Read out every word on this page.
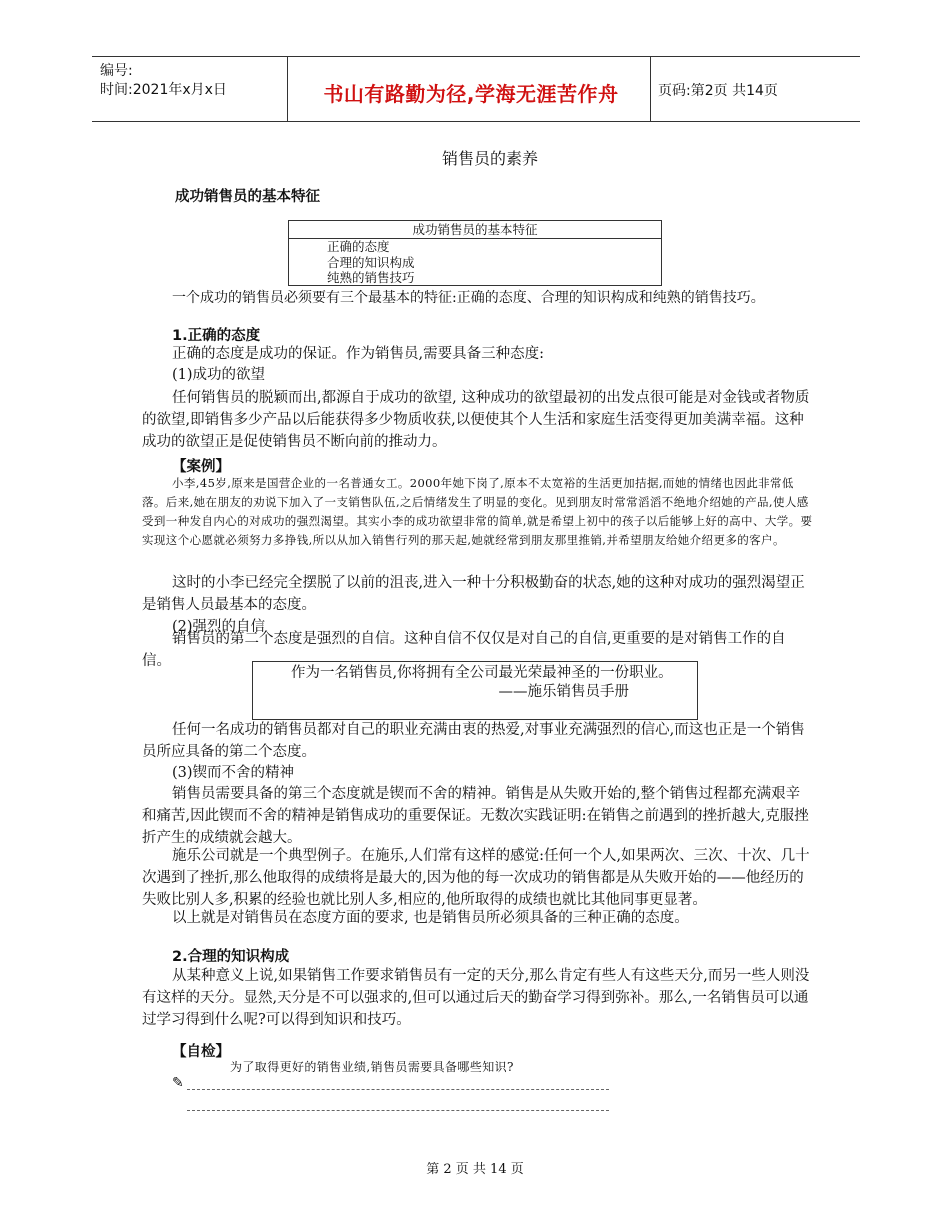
编号:
时间:2021年x月x日	书山有路勤为径,学海无涯苦作舟	页码:第2页 共14页
销售员的素养
成功销售员的基本特征
成功销售员的基本特征
正确的态度
合理的知识构成
纯熟的销售技巧
一个成功的销售员必须要有三个最基本的特征:正确的态度、合理的知识构成和纯熟的销售技巧。
1.正确的态度
正确的态度是成功的保证。作为销售员,需要具备三种态度:
(1)成功的欲望
任何销售员的脱颖而出,都源自于成功的欲望, 这种成功的欲望最初的出发点很可能是对金钱或者物质的欲望,即销售多少产品以后能获得多少物质收获,以便使其个人生活和家庭生活变得更加美满幸福。这种成功的欲望正是促使销售员不断向前的推动力。
【案例】
小李,45岁,原来是国营企业的一名普通女工。2000年她下岗了,原本不太宽裕的生活更加拮据,而她的情绪也因此非常低落。后来,她在朋友的劝说下加入了一支销售队伍,之后情绪发生了明显的变化。见到朋友时常常滔滔不绝地介绍她的产品,使人感受到一种发自内心的对成功的强烈渴望。其实小李的成功欲望非常的简单,就是希望上初中的孩子以后能够上好的高中、大学。要实现这个心愿就必须努力多挣钱,所以从加入销售行列的那天起,她就经常到朋友那里推销,并希望朋友给她介绍更多的客户。
这时的小李已经完全摆脱了以前的沮丧,进入一种十分积极勤奋的状态,她的这种对成功的强烈渴望正是销售人员最基本的态度。
(2)强烈的自信
销售员的第二个态度是强烈的自信。这种自信不仅仅是对自己的自信,更重要的是对销售工作的自信。
作为一名销售员,你将拥有全公司最光荣最神圣的一份职业。
——施乐销售员手册
任何一名成功的销售员都对自己的职业充满由衷的热爱,对事业充满强烈的信心,而这也正是一个销售员所应具备的第二个态度。
(3)锲而不舍的精神
销售员需要具备的第三个态度就是锲而不舍的精神。销售是从失败开始的,整个销售过程都充满艰辛和痛苦,因此锲而不舍的精神是销售成功的重要保证。无数次实践证明:在销售之前遇到的挫折越大,克服挫折产生的成绩就会越大。
施乐公司就是一个典型例子。在施乐,人们常有这样的感觉:任何一个人,如果两次、三次、十次、几十次遇到了挫折,那么他取得的成绩将是最大的,因为他的每一次成功的销售都是从失败开始的——他经历的失败比别人多,积累的经验也就比别人多,相应的,他所取得的成绩也就比其他同事更显著。
以上就是对销售员在态度方面的要求, 也是销售员所必须具备的三种正确的态度。
2.合理的知识构成
从某种意义上说,如果销售工作要求销售员有一定的天分,那么肯定有些人有这些天分,而另一些人则没有这样的天分。显然,天分是不可以强求的,但可以通过后天的勤奋学习得到弥补。那么,一名销售员可以通过学习得到什么呢?可以得到知识和技巧。
【自检】
为了取得更好的销售业绩,销售员需要具备哪些知识?
✎
第 2 页 共 14 页
